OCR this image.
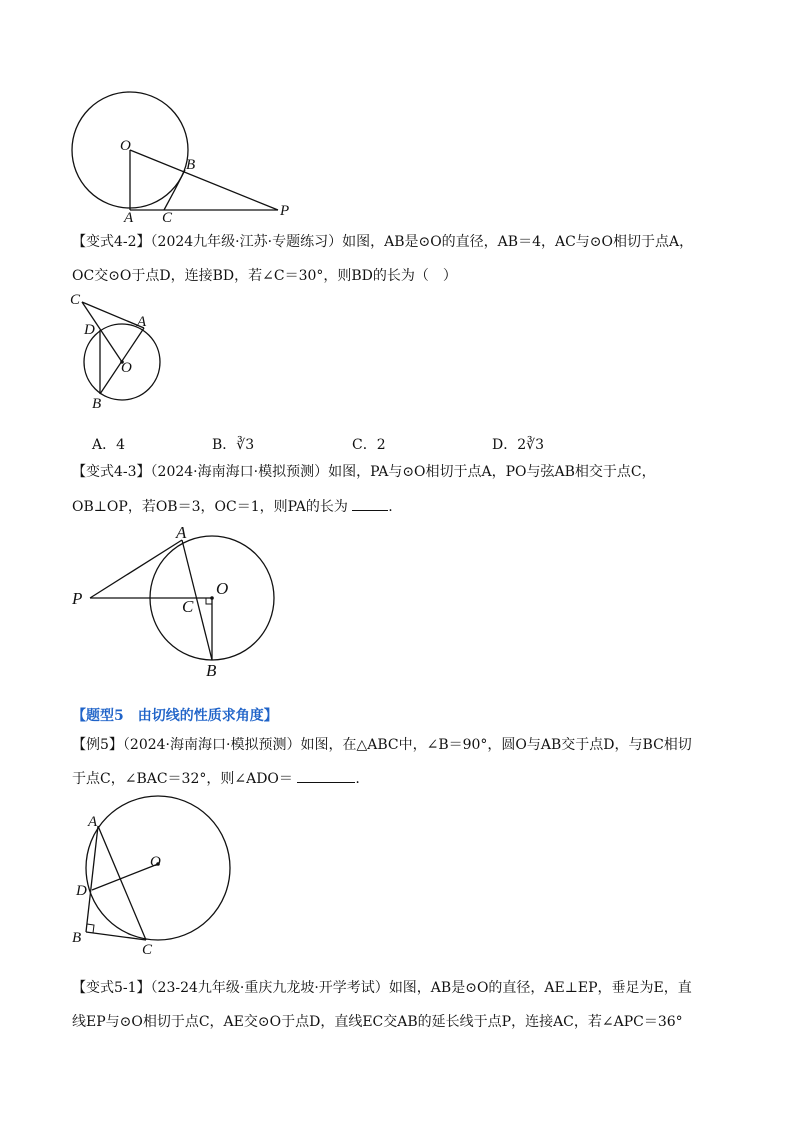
O
B
A C	P
【变式4-2】（2024九年级·江苏·专题练习）如图，AB是⊙O的直径，AB＝4，AC与⊙O相切于点A，
OC交⊙O于点D，连接BD，若∠C＝30°，则BD的长为（　）
C
D	A
O
B
A．4	B．∛3	C．2	D．2∛3
【变式4-3】（2024·海南海口·模拟预测）如图，PA与⊙O相切于点A，PO与弦AB相交于点C，
OB⊥OP，若OB＝3，OC＝1，则PA的长为	.
A
O
P	C
B
【题型5　由切线的性质求角度】
【例5】（2024·海南海口·模拟预测）如图，在△ABC中，∠B＝90°，圆O与AB交于点D，与BC相切
于点C，∠BAC＝32°，则∠ADO＝	.
A
O
D
B
C
【变式5-1】（23-24九年级·重庆九龙坡·开学考试）如图，AB是⊙O的直径，AE⊥EP，垂足为E，直
线EP与⊙O相切于点C，AE交⊙O于点D，直线EC交AB的延长线于点P，连接AC，若∠APC＝36°
